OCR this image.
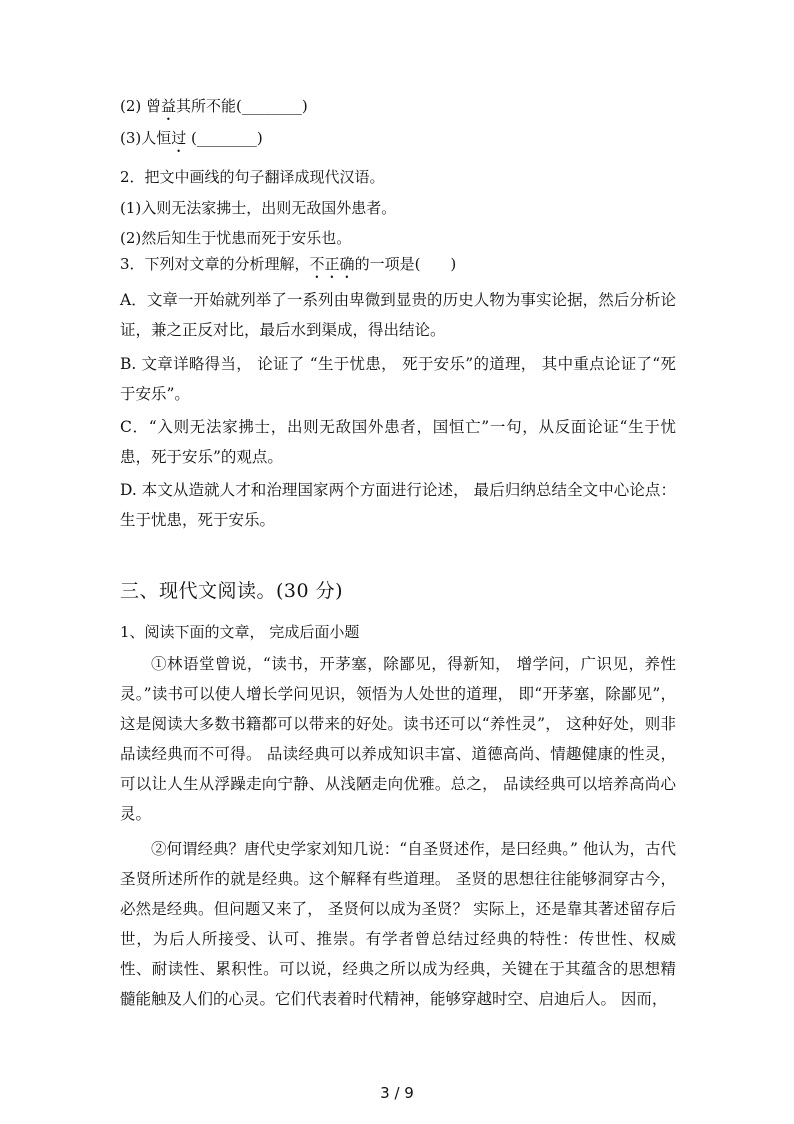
(2) 曾益其所不能(________)
(3)人恒过 (________)
2．把文中画线的句子翻译成现代汉语。
(1)入则无法家拂士，出则无敌国外患者。
(2)然后知生于忧患而死于安乐也。
3．下列对文章的分析理解，不正确的一项是(　　)

A．文章一开始就列举了一系列由卑微到显贵的历史人物为事实论据，然后分析论证，兼之正反对比，最后水到渠成，得出结论。

B. 文章详略得当， 论证了 “生于忧患， 死于安乐”的道理， 其中重点论证了“死于安乐”。

C．“入则无法家拂士，出则无敌国外患者，国恒亡”一句，从反面论证“生于忧患，死于安乐”的观点。

D. 本文从造就人才和治理国家两个方面进行论述， 最后归纳总结全文中心论点：生于忧患，死于安乐。

三、现代文阅读。(30 分)
1、阅读下面的文章， 完成后面小题

①林语堂曾说，“读书，开茅塞，除鄙见，得新知， 增学问，广识见，养性灵。”读书可以使人增长学问见识，领悟为人处世的道理， 即“开茅塞，除鄙见”，这是阅读大多数书籍都可以带来的好处。读书还可以“养性灵”， 这种好处，则非品读经典而不可得。 品读经典可以养成知识丰富、道德高尚、情趣健康的性灵，可以让人生从浮躁走向宁静、从浅陋走向优雅。总之， 品读经典可以培养高尚心灵。

②何谓经典？唐代史学家刘知几说：“自圣贤述作，是曰经典。” 他认为，古代圣贤所述所作的就是经典。这个解释有些道理。 圣贤的思想往往能够洞穿古今，必然是经典。但问题又来了， 圣贤何以成为圣贤？ 实际上，还是靠其著述留存后世，为后人所接受、认可、推崇。有学者曾总结过经典的特性：传世性、权威性、耐读性、累积性。可以说，经典之所以成为经典，关键在于其蕴含的思想精髓能触及人们的心灵。它们代表着时代精神，能够穿越时空、启迪后人。 因而，

3 / 9
